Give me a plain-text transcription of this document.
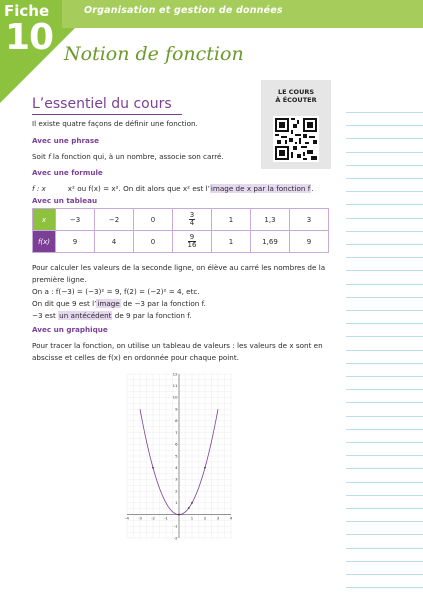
Organisation et gestion de données
Fiche
10 Notion de fonction
LE COURS
À ÉCOUTER
L’essentiel du cours
Il existe quatre façons de définir une fonction.
Avec une phrase
Soit f la fonction qui, à un nombre, associe son carré.
Avec une formule
f : x	x² ou f(x) = x². On dit alors que x² est l’image de x par la fonction f.
Avec un tableau
x	−3	−2	0	$\frac{3}{4}$	1	1,3	3
f(x)	9	4	0	$\frac{9}{16}$	1	1,69	9
Pour calculer les valeurs de la seconde ligne, on élève au carré les nombres de la
première ligne.
On a : f(−3) = (−3)² = 9, f(2) = (−2)² = 4, etc.
On dit que 9 est l’image de −3 par la fonction f.
−3 est un antécédent de 9 par la fonction f.
Avec un graphique
Pour tracer la fonction, on utilise un tableau de valeurs : les valeurs de x sont en
abscisse et celles de f(x) en ordonnée pour chaque point.
-4 -3 -2 -1	1	2	3	4
-2
-1
1
2
3
4
5
6
7
8
9
10
11
12
